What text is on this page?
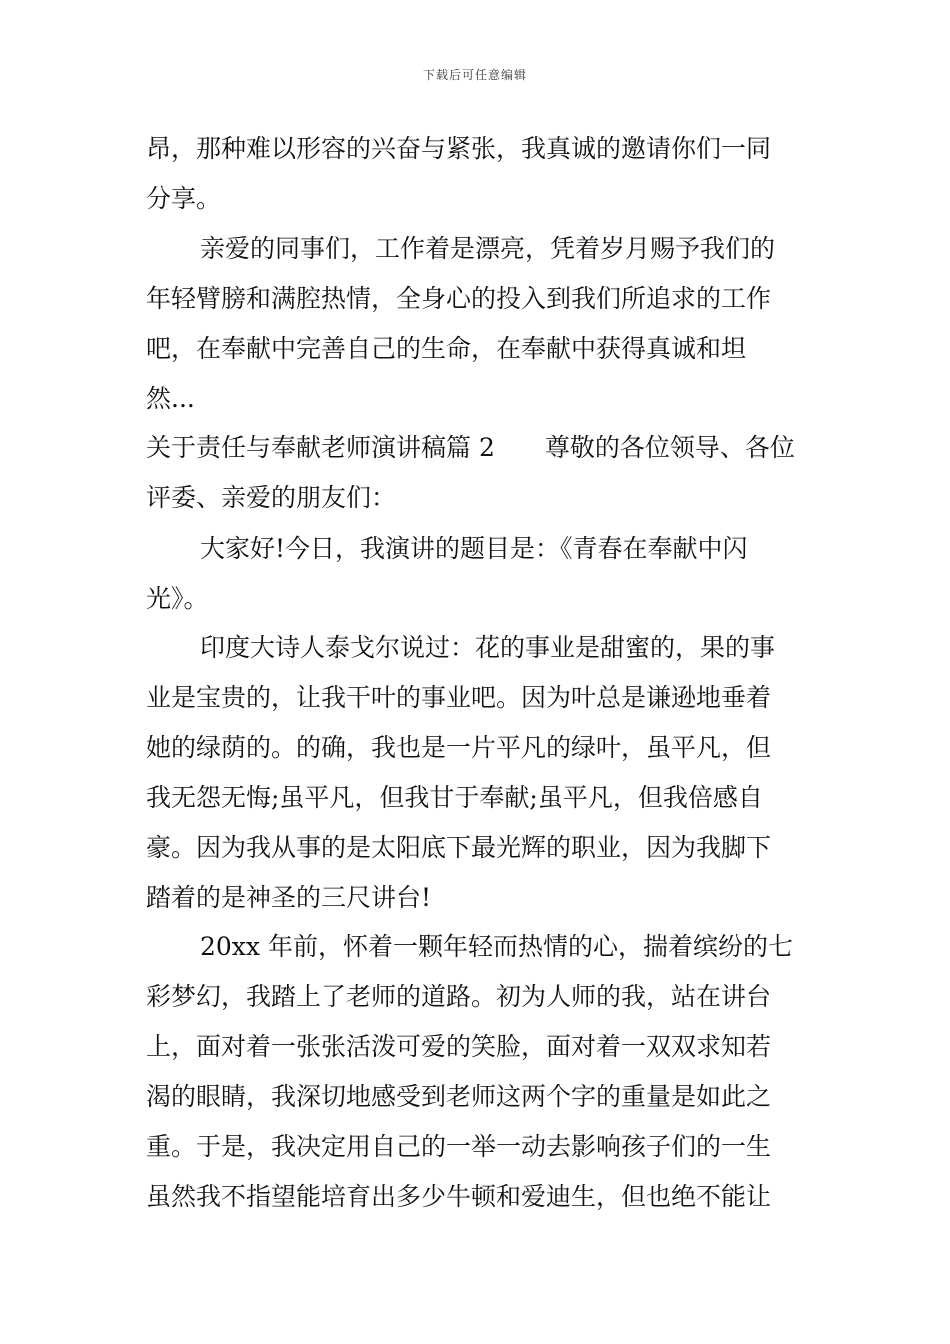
下载后可任意编辑
昂，那种难以形容的兴奋与紧张，我真诚的邀请你们一同
分享。
亲爱的同事们，工作着是漂亮，凭着岁月赐予我们的
年轻臂膀和满腔热情，全身心的投入到我们所追求的工作
吧，在奉献中完善自己的生命，在奉献中获得真诚和坦
然...
关于责任与奉献老师演讲稿篇 2　　尊敬的各位领导、各位
评委、亲爱的朋友们：
大家好!今日，我演讲的题目是：《青春在奉献中闪
光》。
印度大诗人泰戈尔说过：花的事业是甜蜜的，果的事
业是宝贵的，让我干叶的事业吧。因为叶总是谦逊地垂着
她的绿荫的。的确，我也是一片平凡的绿叶，虽平凡，但
我无怨无悔;虽平凡，但我甘于奉献;虽平凡，但我倍感自
豪。因为我从事的是太阳底下最光辉的职业，因为我脚下
踏着的是神圣的三尺讲台!
20xx 年前，怀着一颗年轻而热情的心，揣着缤纷的七
彩梦幻，我踏上了老师的道路。初为人师的我，站在讲台
上，面对着一张张活泼可爱的笑脸，面对着一双双求知若
渴的眼睛，我深切地感受到老师这两个字的重量是如此之
重。于是，我决定用自己的一举一动去影响孩子们的一生
虽然我不指望能培育出多少牛顿和爱迪生，但也绝不能让
